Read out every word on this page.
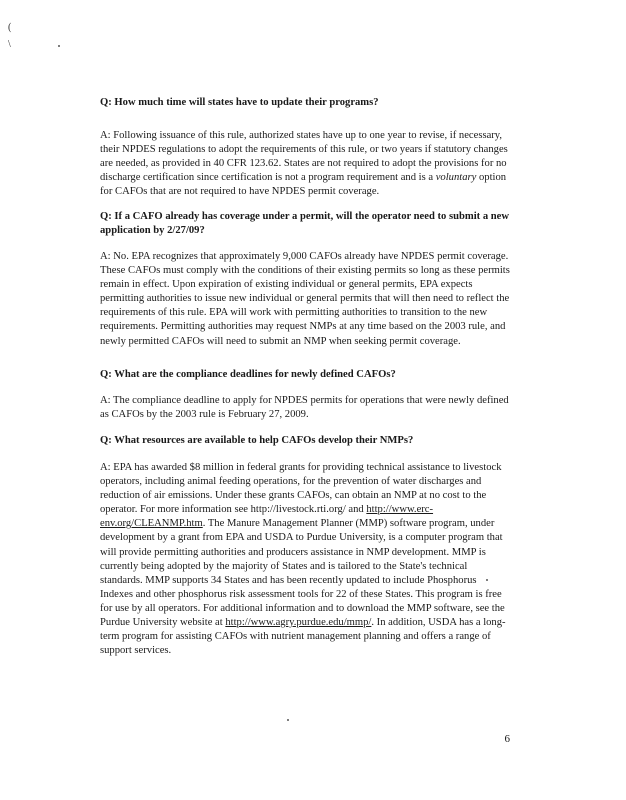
(
\

Q: How much time will states have to update their programs?

A: Following issuance of this rule, authorized states have up to one year to revise, if necessary, their NPDES regulations to adopt the requirements of this rule, or two years if statutory changes are needed, as provided in 40 CFR 123.62. States are not required to adopt the provisions for no discharge certification since certification is not a program requirement and is a voluntary option for CAFOs that are not required to have NPDES permit coverage.

Q: If a CAFO already has coverage under a permit, will the operator need to submit a new application by 2/27/09?

A: No. EPA recognizes that approximately 9,000 CAFOs already have NPDES permit coverage. These CAFOs must comply with the conditions of their existing permits so long as these permits remain in effect. Upon expiration of existing individual or general permits, EPA expects permitting authorities to issue new individual or general permits that will then need to reflect the requirements of this rule. EPA will work with permitting authorities to transition to the new requirements. Permitting authorities may request NMPs at any time based on the 2003 rule, and newly permitted CAFOs will need to submit an NMP when seeking permit coverage.

Q: What are the compliance deadlines for newly defined CAFOs?

A: The compliance deadline to apply for NPDES permits for operations that were newly defined as CAFOs by the 2003 rule is February 27, 2009.

Q: What resources are available to help CAFOs develop their NMPs?

A: EPA has awarded $8 million in federal grants for providing technical assistance to livestock operators, including animal feeding operations, for the prevention of water discharges and reduction of air emissions. Under these grants CAFOs, can obtain an NMP at no cost to the operator. For more information see http://livestock.rti.org/ and http://www.erc-env.org/CLEANMP.htm. The Manure Management Planner (MMP) software program, under development by a grant from EPA and USDA to Purdue University, is a computer program that will provide permitting authorities and producers assistance in NMP development. MMP is currently being adopted by the majority of States and is tailored to the State's technical standards. MMP supports 34 States and has been recently updated to include Phosphorus Indexes and other phosphorus risk assessment tools for 22 of these States. This program is free for use by all operators. For additional information and to download the MMP software, see the Purdue University website at http://www.agry.purdue.edu/mmp/. In addition, USDA has a long-term program for assisting CAFOs with nutrient management planning and offers a range of support services.

6
